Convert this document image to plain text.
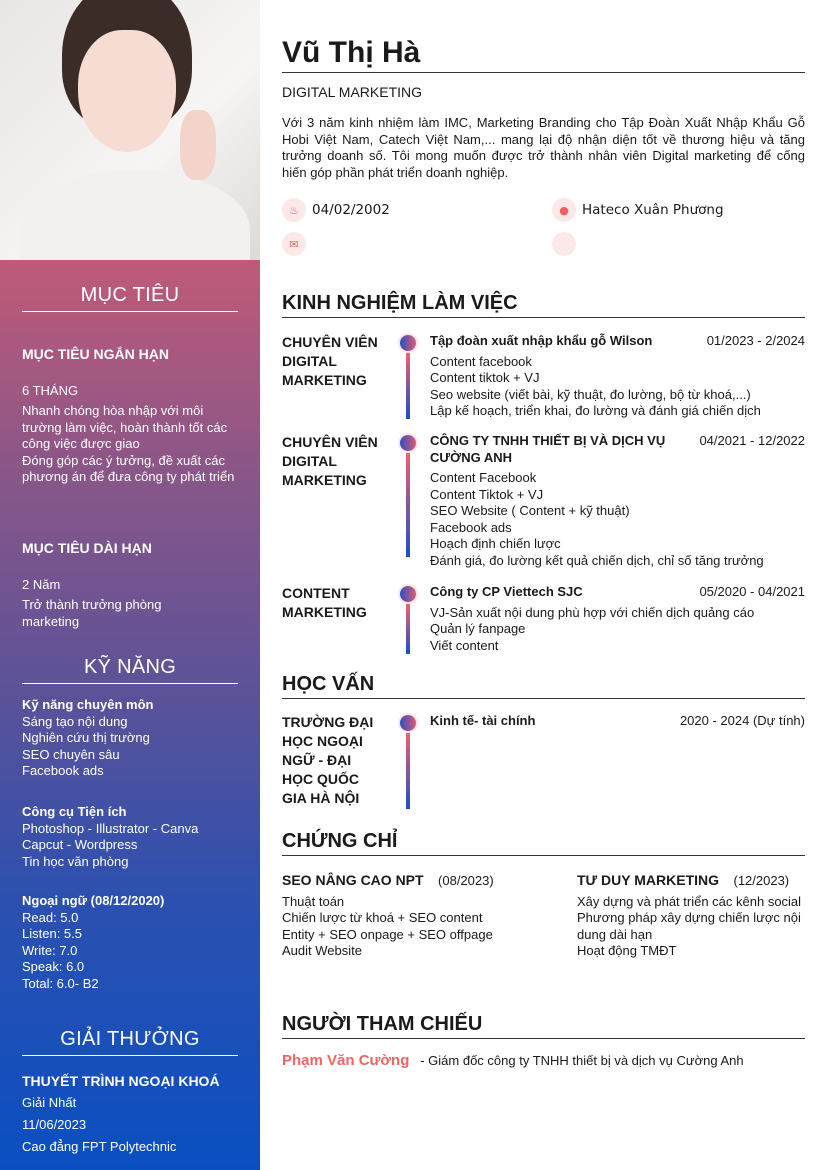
MỤC TIÊU
MỤC TIÊU NGẮN HẠN
6 THÁNG
Nhanh chóng hòa nhập với môi trường làm việc, hoàn thành tốt các công việc được giao
Đóng góp các ý tưởng, đề xuất các phương án để đưa công ty phát triển
MỤC TIÊU DÀI HẠN
2 Năm
Trở thành trưởng phòng marketing
KỸ NĂNG
Kỹ năng chuyên môn
Sáng tạo nội dung
Nghiên cứu thị trường
SEO chuyên sâu
Facebook ads
Công cụ Tiện ích
Photoshop - Illustrator - Canva
Capcut - Wordpress
Tin học văn phòng
Ngoại ngữ (08/12/2020)
Read: 5.0
Listen: 5.5
Write: 7.0
Speak: 6.0
Total: 6.0- B2
GIẢI THƯỞNG
THUYẾT TRÌNH NGOẠI KHOÁ
Giải Nhất
11/06/2023
Cao đẳng FPT Polytechnic
Vũ Thị Hà
DIGITAL MARKETING
Với 3 năm kinh nhiệm làm IMC, Marketing Branding cho Tập Đoàn Xuất Nhập Khẩu Gỗ Hobi Việt Nam, Catech Việt Nam,... mang lại độ nhận diện tốt về thương hiệu và tăng trưởng doanh số. Tôi mong muốn được trở thành nhân viên Digital marketing để cống hiến góp phần phát triển doanh nghiệp.
♨ 04/02/2002	● Hateco Xuân Phương
✉
KINH NGHIỆM LÀM VIỆC
CHUYÊN VIÊN DIGITAL MARKETING
Tập đoàn xuất nhập khẩu gỗ Wilson	01/2023 - 2/2024
Content facebook
Content tiktok + VJ
Seo website (viết bài, kỹ thuật, đo lường, bộ từ khoá,...)
Lập kế hoạch, triển khai, đo lường và đánh giá chiến dịch
CHUYÊN VIÊN DIGITAL MARKETING
CÔNG TY TNHH THIẾT BỊ VÀ DỊCH VỤ CƯỜNG ANH
04/2021 - 12/2022
Content Facebook
Content Tiktok + VJ
SEO Website ( Content + kỹ thuật)
Facebook ads
Hoạch định chiến lược
Đánh giá, đo lường kết quả chiến dịch, chỉ số tăng trưởng
CONTENT MARKETING
Công ty CP Viettech SJC	05/2020 - 04/2021
VJ-Sản xuất nội dung phù hợp với chiến dịch quảng cáo
Quản lý fanpage
Viết content
HỌC VẤN
TRƯỜNG ĐẠI HỌC NGOẠI NGỮ - ĐẠI HỌC QUỐC GIA HÀ NỘI
Kinh tế- tài chính	2020 - 2024 (Dự tính)
CHỨNG CHỈ
SEO NÂNG CAO NPT (08/2023)
Thuật toán
Chiến lược từ khoá + SEO content
Entity + SEO onpage + SEO offpage
Audit Website
TƯ DUY MARKETING (12/2023)
Xây dựng và phát triển các kênh social
Phương pháp xây dựng chiến lược nội dung dài hạn
Hoạt động TMĐT
NGƯỜI THAM CHIẾU
Phạm Văn Cường - Giám đốc công ty TNHH thiết bị và dịch vụ Cường Anh
